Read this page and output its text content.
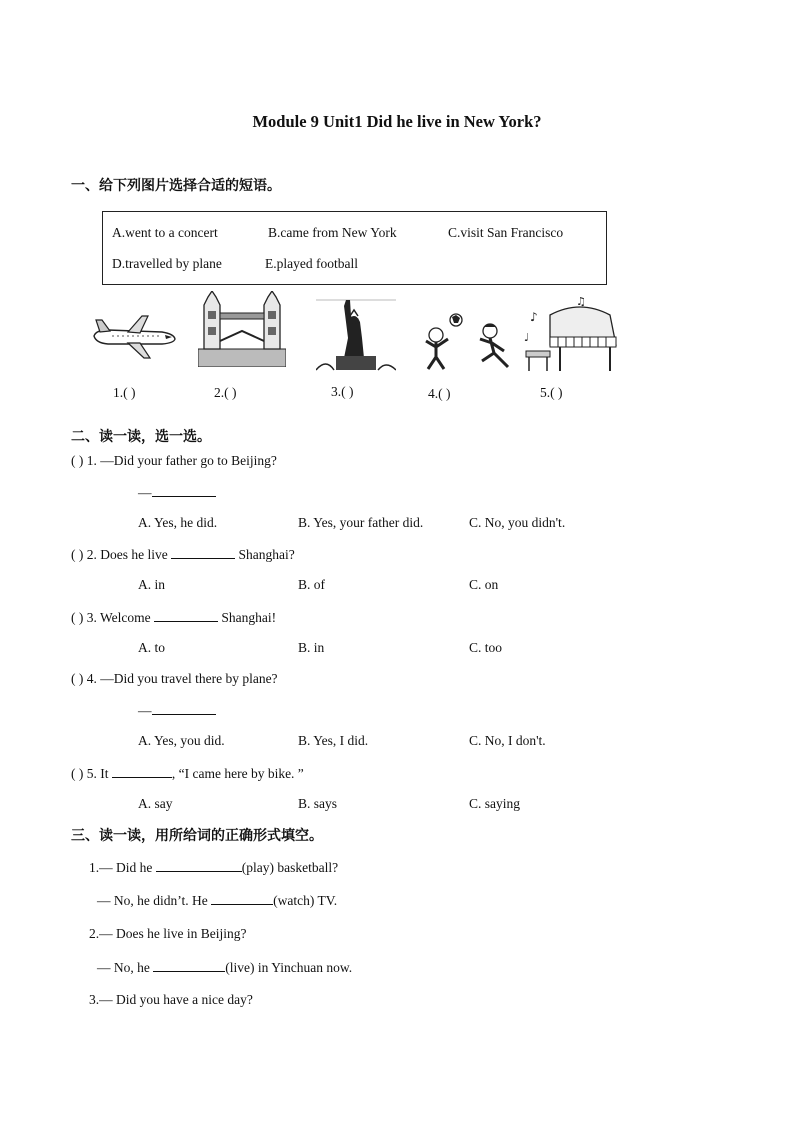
Module 9 Unit1 Did he live in New York?
一、给下列图片选择合适的短语。
A.went to a concert	B.came from New York	C.visit San Francisco
D.travelled by plane	E.played football
♪
♫
♩
1.( )	2.( )	3.( )	4.( )	5.( )
二、读一读，选一选。
( ) 1. —Did your father go to Beijing?
—
A. Yes, he did.	B. Yes, your father did.	C. No, you didn't.
( ) 2. Does he live	Shanghai?
A. in	B. of	C. on
( ) 3. Welcome	Shanghai!
A. to	B. in	C. too
( ) 4. —Did you travel there by plane?
—
A. Yes, you did.	B. Yes, I did.	C. No, I don't.
( ) 5. It	, “I came here by bike. ”
A. say	B. says	C. saying
三、读一读，用所给词的正确形式填空。
1.— Did he	(play) basketball?
— No, he didn’t. He	(watch) TV.
2.— Does he live in Beijing?
— No, he	(live) in Yinchuan now.
3.— Did you have a nice day?
